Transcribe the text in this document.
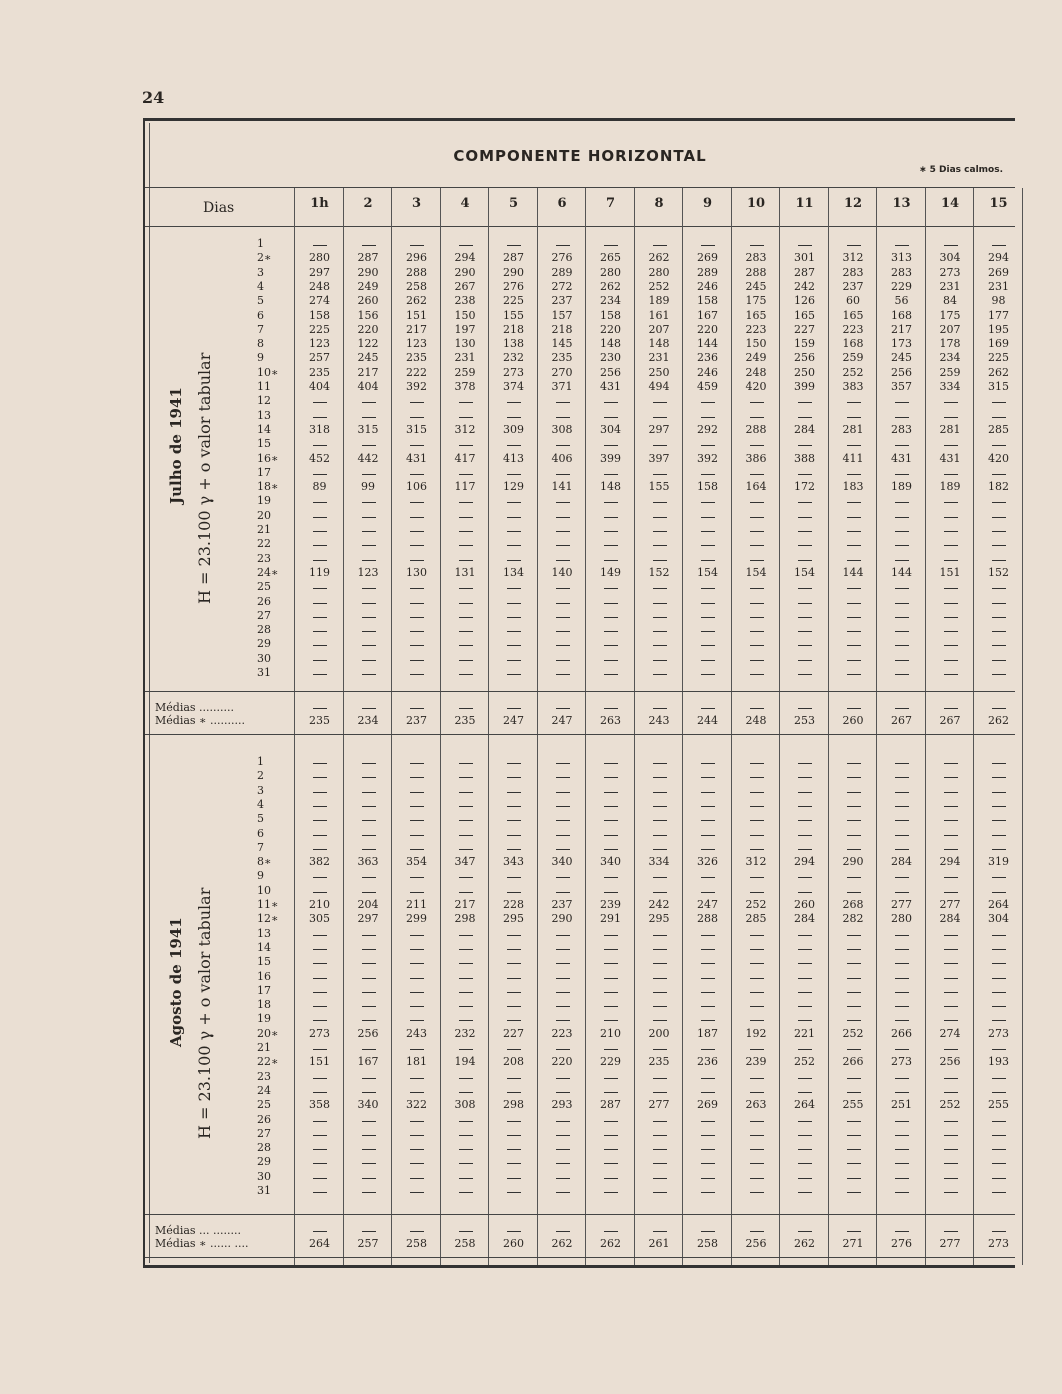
24
COMPONENTE HORIZONTAL
∗ 5 Dias calmos.
Dias	1h	2	3	4	5	6	7	8	9	10	11	12	13	14	15
Julho de 1941 H = 23.100 γ + o valor tabular
1
2∗	280	287	296	294	287	276	265	262	269	283	301	312	313	304	294
3	297	290	288	290	290	289	280	280	289	288	287	283	283	273	269
4	248	249	258	267	276	272	262	252	246	245	242	237	229	231	231
5	274	260	262	238	225	237	234	189	158	175	126	60	56	84	98
6	158	156	151	150	155	157	158	161	167	165	165	165	168	175	177
7	225	220	217	197	218	218	220	207	220	223	227	223	217	207	195
8	123	122	123	130	138	145	148	148	144	150	159	168	173	178	169
9	257	245	235	231	232	235	230	231	236	249	256	259	245	234	225
10∗	235	217	222	259	273	270	256	250	246	248	250	252	256	259	262
11	404	404	392	378	374	371	431	494	459	420	399	383	357	334	315
12
13
14	318	315	315	312	309	308	304	297	292	288	284	281	283	281	285
15
16∗	452	442	431	417	413	406	399	397	392	386	388	411	431	431	420
17
18∗	89	99	106	117	129	141	148	155	158	164	172	183	189	189	182
19
20
21
22
23
24∗	119	123	130	131	134	140	149	152	154	154	154	144	144	151	152
25
26
27
28
29
30
31
Médias ..........
Médias ∗ ..........	235	234	237	235	247	247	263	243	244	248	253	260	267	267	262
Agosto de 1941 H = 23.100 γ + o valor tabular
1
2
3
4
5
6
7
8∗	382	363	354	347	343	340	340	334	326	312	294	290	284	294	319
9
10
11∗	210	204	211	217	228	237	239	242	247	252	260	268	277	277	264
12∗	305	297	299	298	295	290	291	295	288	285	284	282	280	284	304
13
14
15
16
17
18
19
20∗	273	256	243	232	227	223	210	200	187	192	221	252	266	274	273
21
22∗	151	167	181	194	208	220	229	235	236	239	252	266	273	256	193
23
24
25	358	340	322	308	298	293	287	277	269	263	264	255	251	252	255
26
27
28
29
30
31
Médias ... ........
Médias ∗ ...... ....	264	257	258	258	260	262	262	261	258	256	262	271	276	277	273
